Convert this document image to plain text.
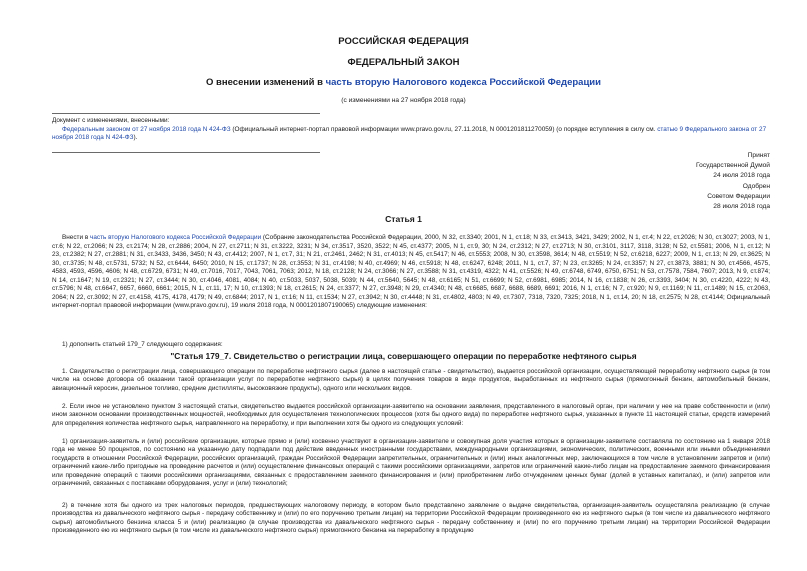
РОССИЙСКАЯ ФЕДЕРАЦИЯ
ФЕДЕРАЛЬНЫЙ ЗАКОН
О внесении изменений в часть вторую Налогового кодекса Российской Федерации
(с изменениями на 27 ноября 2018 года)

Документ с изменениями, внесенными:

Федеральным законом от 27 ноября 2018 года N 424-ФЗ (Официальный интернет-портал правовой информации www.pravo.gov.ru, 27.11.2018, N 0001201811270059) (о порядке вступления в силу см. статью 9 Федерального закона от 27 ноября 2018 года N 424-ФЗ).

Принят
Государственной Думой
24 июля 2018 года
Одобрен
Советом Федерации
28 июля 2018 года
Статья 1
Внести в часть вторую Налогового кодекса Российской Федерации (Собрание законодательства Российской Федерации, 2000, N 32, ст.3340; 2001, N 1, ст.18; N 33, ст.3413, 3421, 3429; 2002, N 1, ст.4; N 22, ст.2026; N 30, ст.3027; 2003, N 1, ст.6; N 22, ст.2066; N 23, ст.2174; N 28, ст.2886; 2004, N 27, ст.2711; N 31, ст.3222, 3231; N 34, ст.3517, 3520, 3522; N 45, ст.4377; 2005, N 1, ст.9, 30; N 24, ст.2312; N 27, ст.2713; N 30, ст.3101, 3117, 3118, 3128; N 52, ст.5581; 2006, N 1, ст.12; N 23, ст.2382; N 27, ст.2881; N 31, ст.3433, 3436, 3450; N 43, ст.4412; 2007, N 1, ст.7, 31; N 21, ст.2461, 2462; N 31, ст.4013; N 45, ст.5417; N 46, ст.5553; 2008, N 30, ст.3598, 3614; N 48, ст.5519; N 52, ст.6218, 6227; 2009, N 1, ст.13; N 29, ст.3625; N 30, ст.3735; N 48, ст.5731, 5732; N 52, ст.6444, 6450; 2010, N 15, ст.1737; N 28, ст.3553; N 31, ст.4198; N 40, ст.4969; N 46, ст.5918; N 48, ст.6247, 6248; 2011, N 1, ст.7, 37; N 23, ст.3265; N 24, ст.3357; N 27, ст.3873, 3881; N 30, ст.4566, 4575, 4583, 4593, 4596, 4606; N 48, ст.6729, 6731; N 49, ст.7016, 7017, 7043, 7061, 7063; 2012, N 18, ст.2128; N 24, ст.3066; N 27, ст.3588; N 31, ст.4319, 4322; N 41, ст.5526; N 49, ст.6748, 6749, 6750, 6751; N 53, ст.7578, 7584, 7607; 2013, N 9, ст.874; N 14, ст.1647; N 19, ст.2321; N 27, ст.3444; N 30, ст.4046, 4081, 4084; N 40, ст.5033, 5037, 5038, 5039; N 44, ст.5640, 5645; N 48, ст.6165; N 51, ст.6699; N 52, ст.6981, 6985; 2014, N 16, ст.1838; N 26, ст.3393, 3404; N 30, ст.4220, 4222; N 43, ст.5796; N 48, ст.6647, 6657, 6660, 6661; 2015, N 1, ст.11, 17; N 10, ст.1393; N 18, ст.2615; N 24, ст.3377; N 27, ст.3948; N 29, ст.4340; N 48, ст.6685, 6687, 6688, 6689, 6691; 2016, N 1, ст.16; N 7, ст.920; N 9, ст.1169; N 11, ст.1489; N 15, ст.2063, 2064; N 22, ст.3092; N 27, ст.4158, 4175, 4178, 4179; N 49, ст.6844; 2017, N 1, ст.16; N 11, ст.1534; N 27, ст.3942; N 30, ст.4448; N 31, ст.4802, 4803; N 49, ст.7307, 7318, 7320, 7325; 2018, N 1, ст.14, 20; N 18, ст.2575; N 28, ст.4144; Официальный интернет-портал правовой информации (www.pravo.gov.ru), 19 июля 2018 года, N 0001201807190065) следующие изменения:
1) дополнить статьей 179_7 следующего содержания:
"Статья 179_7. Свидетельство о регистрации лица, совершающего операции по переработке нефтяного сырья
1. Свидетельство о регистрации лица, совершающего операции по переработке нефтяного сырья (далее в настоящей статье - свидетельство), выдается российской организации, осуществляющей переработку нефтяного сырья (в том числе на основе договора об оказании такой организации услуг по переработке нефтяного сырья) в целях получения товаров в виде продуктов, выработанных из нефтяного сырья (прямогонный бензин, автомобильный бензин, авиационный керосин, дизельное топливо, средние дистилляты, высоковязкие продукты), одного или нескольких видов.
2. Если иное не установлено пунктом 3 настоящей статьи, свидетельство выдается российской организации-заявителю на основании заявления, представленного в налоговый орган, при наличии у нее на праве собственности и (или) ином законном основании производственных мощностей, необходимых для осуществления технологических процессов (хотя бы одного вида) по переработке нефтяного сырья, указанных в пункте 11 настоящей статьи, средств измерений для определения количества нефтяного сырья, направленного на переработку, и при выполнении хотя бы одного из следующих условий:
1) организация-заявитель и (или) российские организации, которые прямо и (или) косвенно участвуют в организации-заявителе и совокупная доля участия которых в организации-заявителе составляла по состоянию на 1 января 2018 года не менее 50 процентов, по состоянию на указанную дату подпадали под действие введенных иностранными государствами, международными организациями, экономических, политических, военными или иными объединениями государств в отношении Российской Федерации, российских организаций, граждан Российской Федерации запретительных, ограничительных и (или) иных аналогичных мер, заключающихся в том числе в установлении запретов и (или) ограничений какие-либо пригодные на проведение расчетов и (или) осуществление финансовых операций с такими российскими организациями, запретов или ограничений какие-либо лицам на предоставление заемного финансирования или проведение операций с такими российскими организациями, связанных с предоставлением заемного финансирования и (или) приобретением либо отчуждением ценных бумаг (долей в уставных капиталах), и (или) запретов или ограничений, связанных с поставками оборудования, услуг и (или) технологий;
2) в течение хотя бы одного из трех налоговых периодов, предшествующих налоговому периоду, в котором было представлено заявление о выдаче свидетельства, организация-заявитель осуществляла реализацию (в случае производства из давальческого нефтяного сырья - передачу собственнику и (или) по его поручению третьим лицам) на территории Российской Федерации произведенного ею из нефтяного сырья (в том числе из давальческого нефтяного сырья) автомобильного бензина класса 5 и (или) реализацию (в случае производства из давальческого нефтяного сырья - передачу собственнику и (или) по его поручению третьим лицам) на территории Российской Федерации произведенного ею из нефтяного сырья (в том числе из давальческого нефтяного сырья) прямогонного бензина на переработку в продукцию
